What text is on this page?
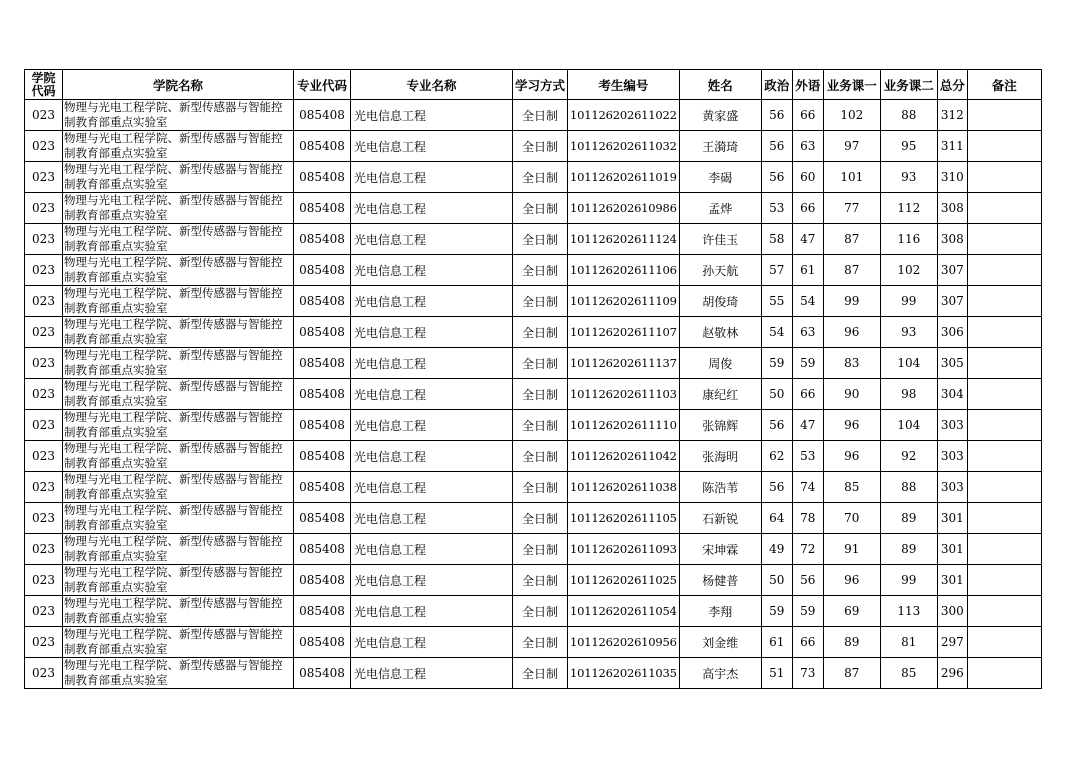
学院代码	学院名称	专业代码	专业名称	学习方式	考生编号	姓名	政治	外语	业务课一	业务课二	总分	备注
023	物理与光电工程学院、新型传感器与智能控制教育部重点实验室	085408	光电信息工程	全日制	101126202611022	黄家盛	56	66	102	88	312	
023	物理与光电工程学院、新型传感器与智能控制教育部重点实验室	085408	光电信息工程	全日制	101126202611032	王漪琦	56	63	97	95	311	
023	物理与光电工程学院、新型传感器与智能控制教育部重点实验室	085408	光电信息工程	全日制	101126202611019	李碣	56	60	101	93	310	
023	物理与光电工程学院、新型传感器与智能控制教育部重点实验室	085408	光电信息工程	全日制	101126202610986	孟烨	53	66	77	112	308	
023	物理与光电工程学院、新型传感器与智能控制教育部重点实验室	085408	光电信息工程	全日制	101126202611124	许佳玉	58	47	87	116	308	
023	物理与光电工程学院、新型传感器与智能控制教育部重点实验室	085408	光电信息工程	全日制	101126202611106	孙天航	57	61	87	102	307	
023	物理与光电工程学院、新型传感器与智能控制教育部重点实验室	085408	光电信息工程	全日制	101126202611109	胡俊琦	55	54	99	99	307	
023	物理与光电工程学院、新型传感器与智能控制教育部重点实验室	085408	光电信息工程	全日制	101126202611107	赵敬林	54	63	96	93	306	
023	物理与光电工程学院、新型传感器与智能控制教育部重点实验室	085408	光电信息工程	全日制	101126202611137	周俊	59	59	83	104	305	
023	物理与光电工程学院、新型传感器与智能控制教育部重点实验室	085408	光电信息工程	全日制	101126202611103	康纪红	50	66	90	98	304	
023	物理与光电工程学院、新型传感器与智能控制教育部重点实验室	085408	光电信息工程	全日制	101126202611110	张锦辉	56	47	96	104	303	
023	物理与光电工程学院、新型传感器与智能控制教育部重点实验室	085408	光电信息工程	全日制	101126202611042	张海明	62	53	96	92	303	
023	物理与光电工程学院、新型传感器与智能控制教育部重点实验室	085408	光电信息工程	全日制	101126202611038	陈浩苇	56	74	85	88	303	
023	物理与光电工程学院、新型传感器与智能控制教育部重点实验室	085408	光电信息工程	全日制	101126202611105	石新锐	64	78	70	89	301	
023	物理与光电工程学院、新型传感器与智能控制教育部重点实验室	085408	光电信息工程	全日制	101126202611093	宋坤霖	49	72	91	89	301	
023	物理与光电工程学院、新型传感器与智能控制教育部重点实验室	085408	光电信息工程	全日制	101126202611025	杨健普	50	56	96	99	301	
023	物理与光电工程学院、新型传感器与智能控制教育部重点实验室	085408	光电信息工程	全日制	101126202611054	李翔	59	59	69	113	300	
023	物理与光电工程学院、新型传感器与智能控制教育部重点实验室	085408	光电信息工程	全日制	101126202610956	刘金维	61	66	89	81	297	
023	物理与光电工程学院、新型传感器与智能控制教育部重点实验室	085408	光电信息工程	全日制	101126202611035	高宇杰	51	73	87	85	296	
